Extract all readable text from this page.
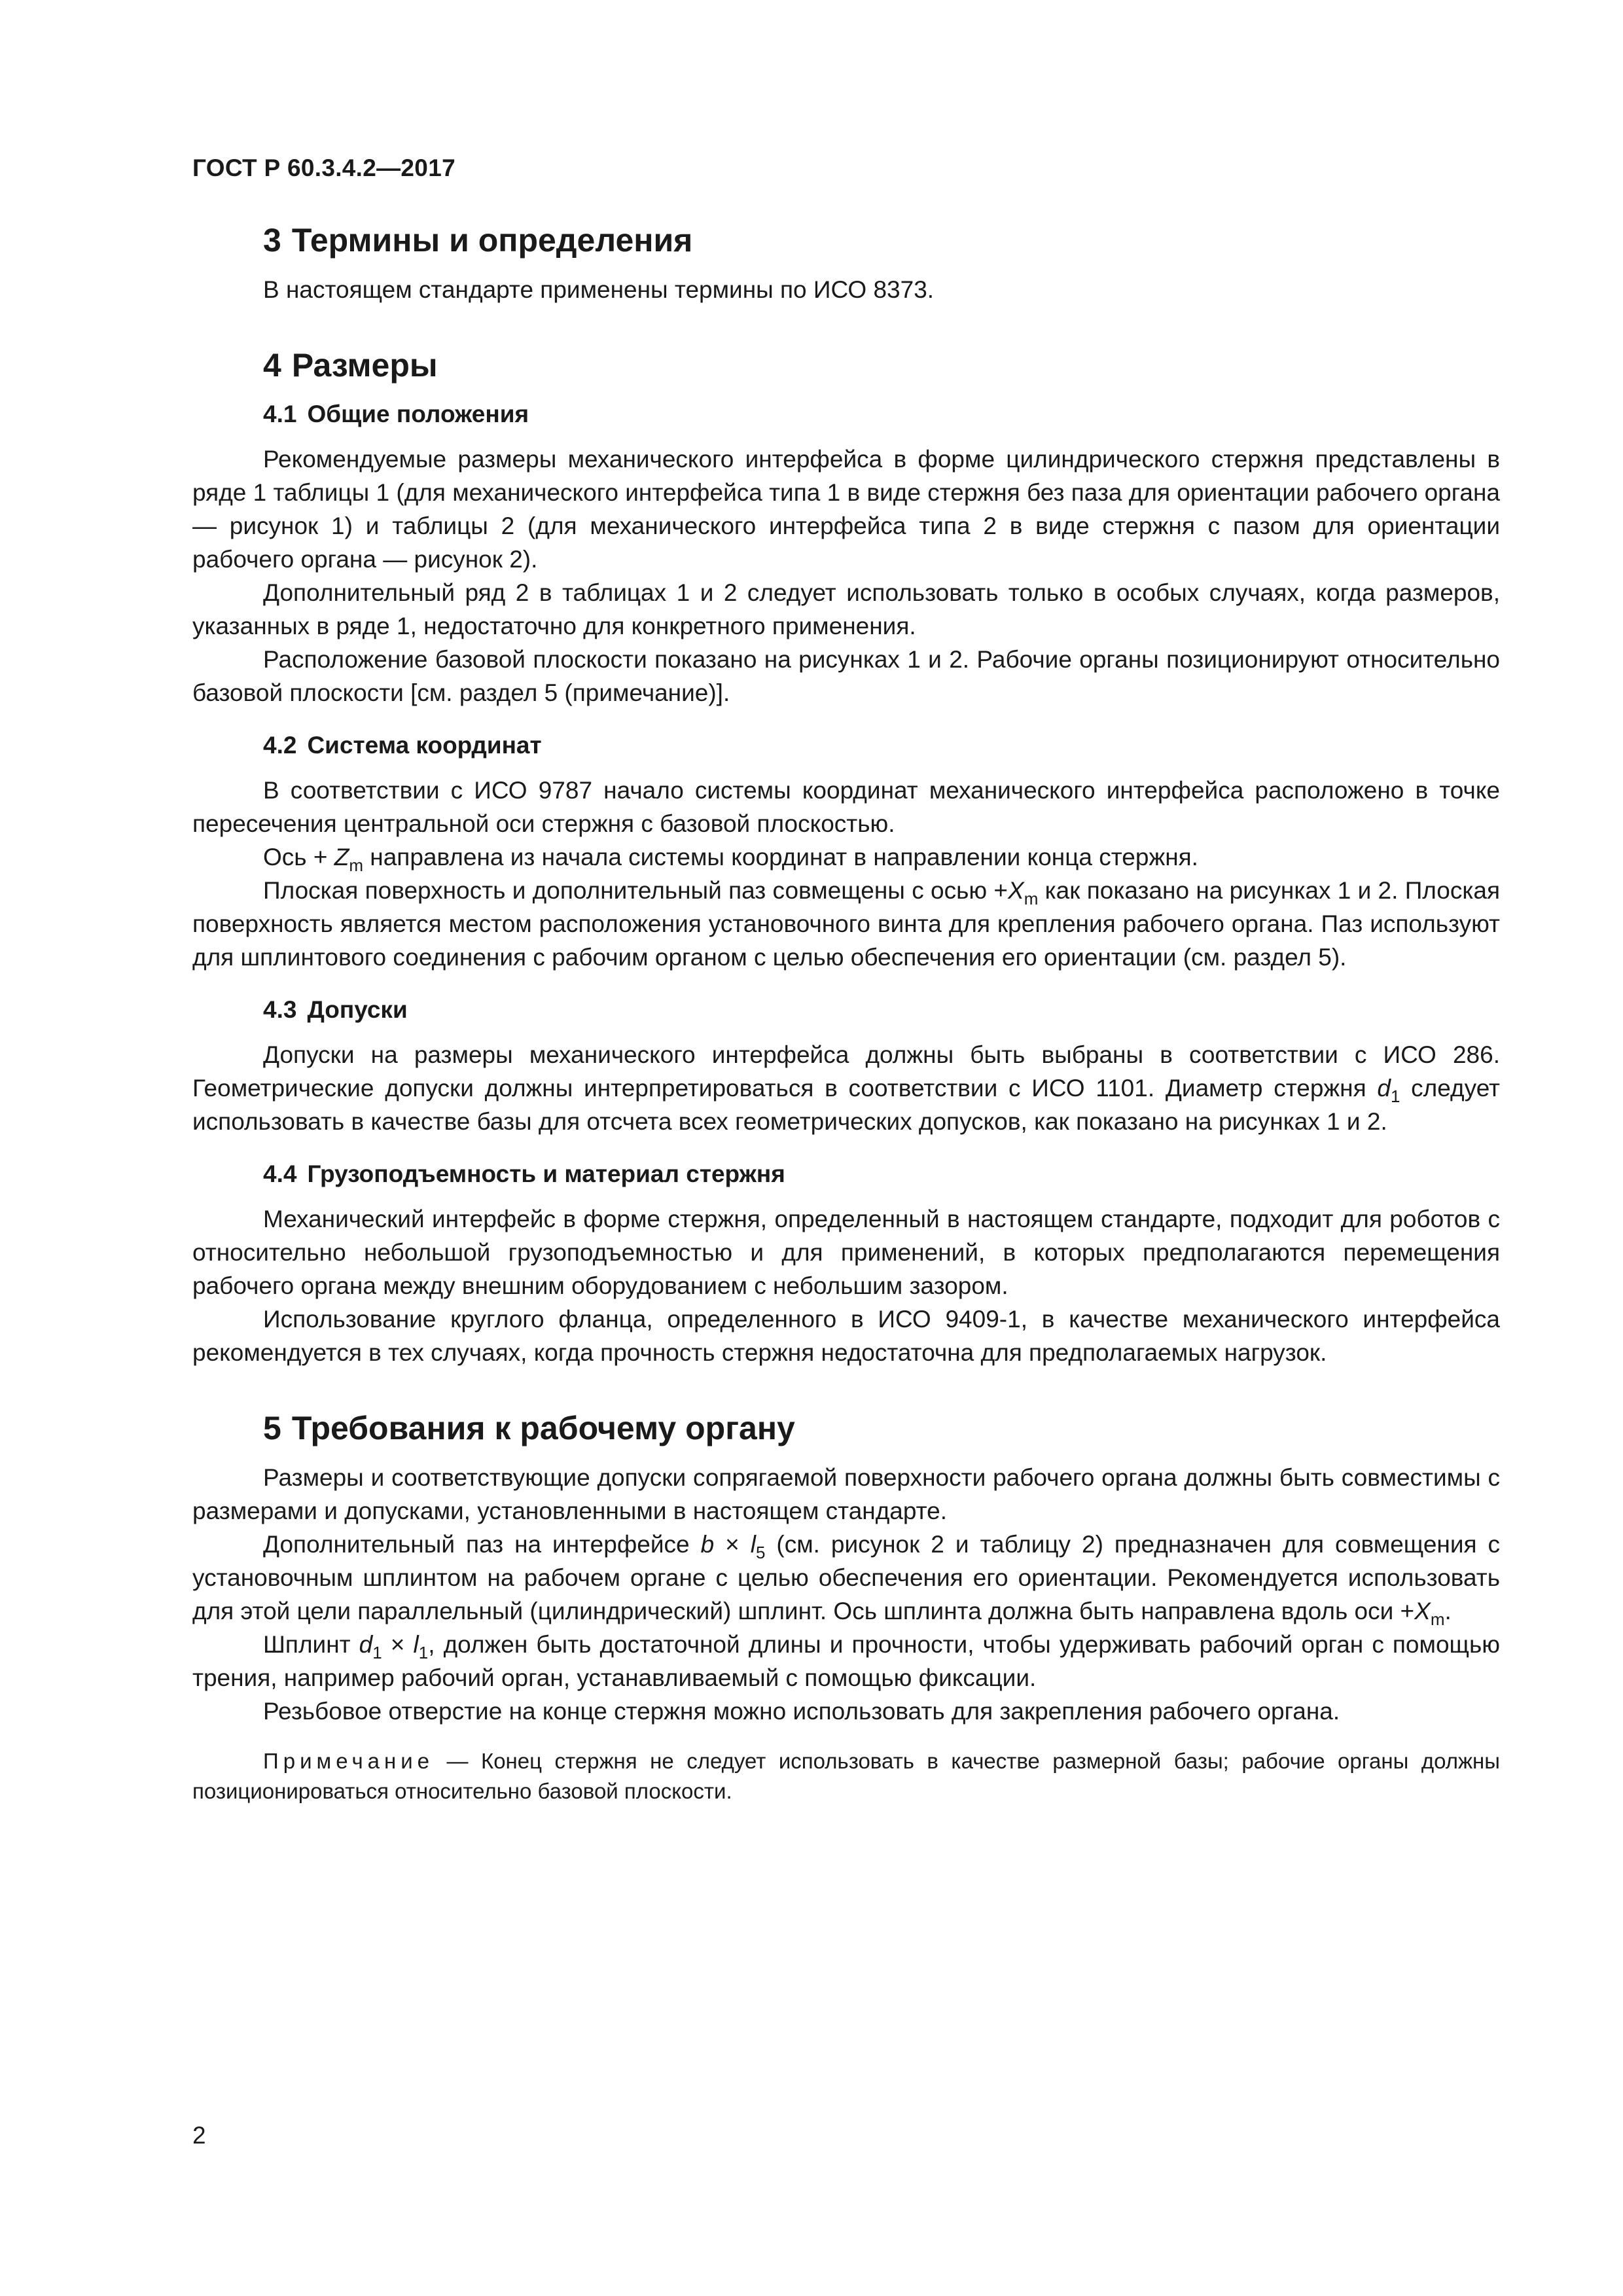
ГОСТ Р 60.3.4.2—2017
3 Термины и определения

В настоящем стандарте применены термины по ИСО 8373.

4 Размеры
4.1 Общие положения

Рекомендуемые размеры механического интерфейса в форме цилиндрического стержня представлены в ряде 1 таблицы 1 (для механического интерфейса типа 1 в виде стержня без паза для ориентации рабочего органа — рисунок 1) и таблицы 2 (для механического интерфейса типа 2 в виде стержня с пазом для ориентации рабочего органа — рисунок 2).

Дополнительный ряд 2 в таблицах 1 и 2 следует использовать только в особых случаях, когда размеров, указанных в ряде 1, недостаточно для конкретного применения.

Расположение базовой плоскости показано на рисунках 1 и 2. Рабочие органы позиционируют относительно базовой плоскости [см. раздел 5 (примечание)].

4.2 Система координат

В соответствии с ИСО 9787 начало системы координат механического интерфейса расположено в точке пересечения центральной оси стержня с базовой плоскостью.

Ось + $Z_m$ направлена из начала системы координат в направлении конца стержня.

Плоская поверхность и дополнительный паз совмещены с осью $+X_m$ как показано на рисунках 1 и 2. Плоская поверхность является местом расположения установочного винта для крепления рабочего органа. Паз используют для шплинтового соединения с рабочим органом с целью обеспечения его ориентации (см. раздел 5).

4.3 Допуски

Допуски на размеры механического интерфейса должны быть выбраны в соответствии с ИСО 286. Геометрические допуски должны интерпретироваться в соответствии с ИСО 1101. Диаметр стержня $d_1$ следует использовать в качестве базы для отсчета всех геометрических допусков, как показано на рисунках 1 и 2.

4.4 Грузоподъемность и материал стержня

Механический интерфейс в форме стержня, определенный в настоящем стандарте, подходит для роботов с относительно небольшой грузоподъемностью и для применений, в которых предполагаются перемещения рабочего органа между внешним оборудованием с небольшим зазором.

Использование круглого фланца, определенного в ИСО 9409-1, в качестве механического интерфейса рекомендуется в тех случаях, когда прочность стержня недостаточна для предполагаемых нагрузок.

5 Требования к рабочему органу

Размеры и соответствующие допуски сопрягаемой поверхности рабочего органа должны быть совместимы с размерами и допусками, установленными в настоящем стандарте.

Дополнительный паз на интерфейсе $b \times l_5$ (см. рисунок 2 и таблицу 2) предназначен для совмещения с установочным шплинтом на рабочем органе с целью обеспечения его ориентации. Рекомендуется использовать для этой цели параллельный (цилиндрический) шплинт. Ось шплинта должна быть направлена вдоль оси $+X_m$.

Шплинт $d_1 \times l_1$, должен быть достаточной длины и прочности, чтобы удерживать рабочий орган с помощью трения, например рабочий орган, устанавливаемый с помощью фиксации.

Резьбовое отверстие на конце стержня можно использовать для закрепления рабочего органа.

Примечание — Конец стержня не следует использовать в качестве размерной базы; рабочие органы должны позиционироваться относительно базовой плоскости.

2
